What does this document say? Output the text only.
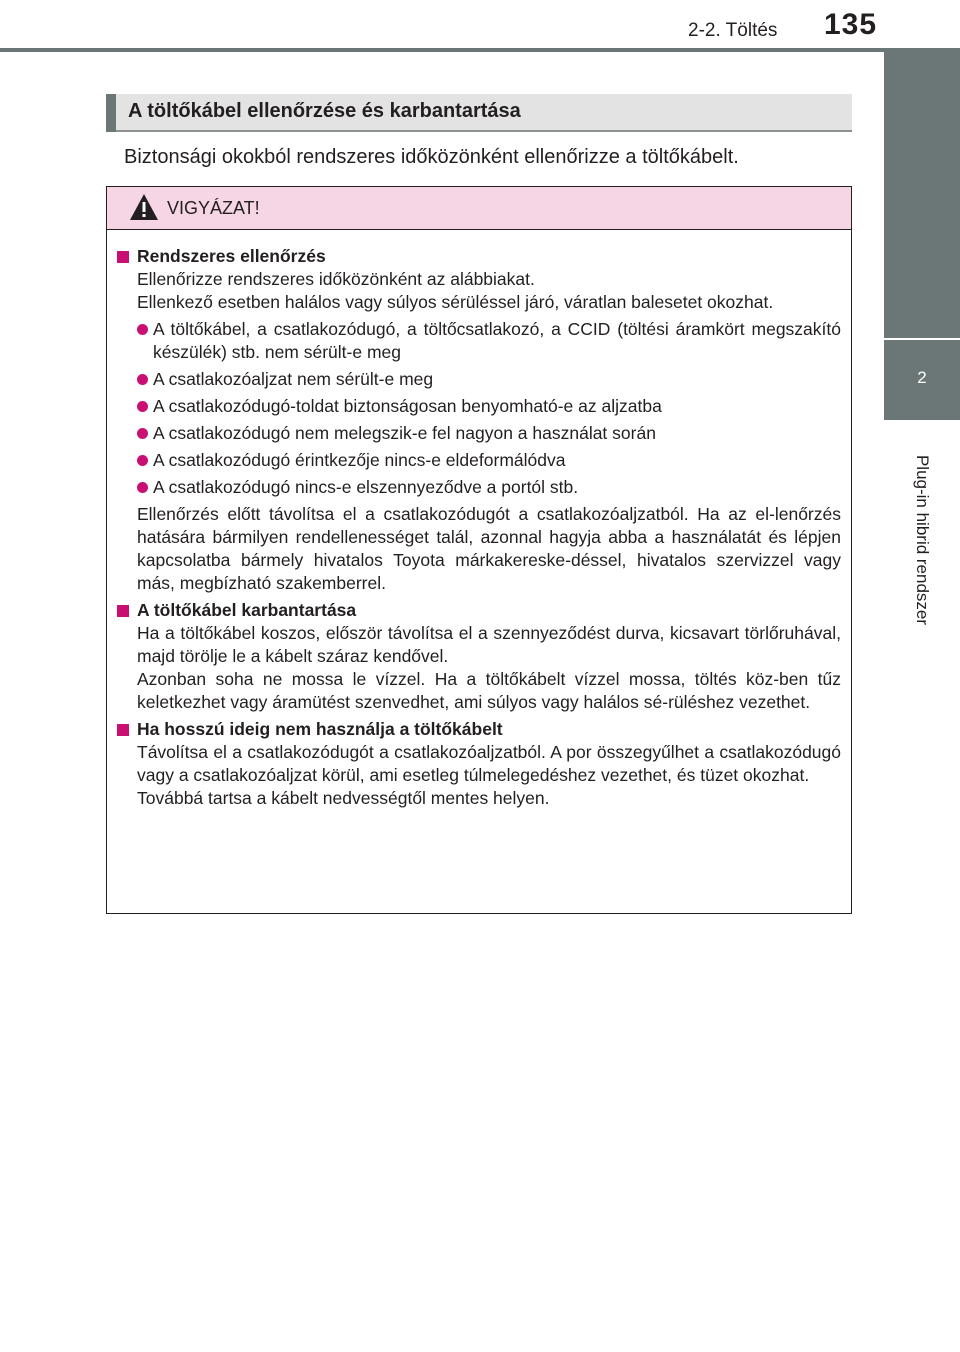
2-2. Töltés 135
2
Plug-in hibrid rendszer
A töltőkábel ellenőrzése és karbantartása
Biztonsági okokból rendszeres időközönként ellenőrizze a töltőkábelt.
VIGYÁZAT!
Rendszeres ellenőrzés
Ellenőrizze rendszeres időközönként az alábbiakat.
Ellenkező esetben halálos vagy súlyos sérüléssel járó, váratlan balesetet okozhat.
A töltőkábel, a csatlakozódugó, a töltőcsatlakozó, a CCID (töltési áramkört megszakító készülék) stb. nem sérült-e meg
A csatlakozóaljzat nem sérült-e meg
A csatlakozódugó-toldat biztonságosan benyomható-e az aljzatba
A csatlakozódugó nem melegszik-e fel nagyon a használat során
A csatlakozódugó érintkezője nincs-e eldeformálódva
A csatlakozódugó nincs-e elszennyeződve a portól stb.
Ellenőrzés előtt távolítsa el a csatlakozódugót a csatlakozóaljzatból. Ha az el-lenőrzés hatására bármilyen rendellenességet talál, azonnal hagyja abba a használatát és lépjen kapcsolatba bármely hivatalos Toyota márkakereske-déssel, hivatalos szervizzel vagy más, megbízható szakemberrel.
A töltőkábel karbantartása
Ha a töltőkábel koszos, először távolítsa el a szennyeződést durva, kicsavart törlőruhával, majd törölje le a kábelt száraz kendővel.
Azonban soha ne mossa le vízzel. Ha a töltőkábelt vízzel mossa, töltés köz-ben tűz keletkezhet vagy áramütést szenvedhet, ami súlyos vagy halálos sé-rüléshez vezethet.
Ha hosszú ideig nem használja a töltőkábelt
Távolítsa el a csatlakozódugót a csatlakozóaljzatból. A por összegyűlhet a csatlakozódugó vagy a csatlakozóaljzat körül, ami esetleg túlmelegedéshez vezethet, és tüzet okozhat.
Továbbá tartsa a kábelt nedvességtől mentes helyen.
